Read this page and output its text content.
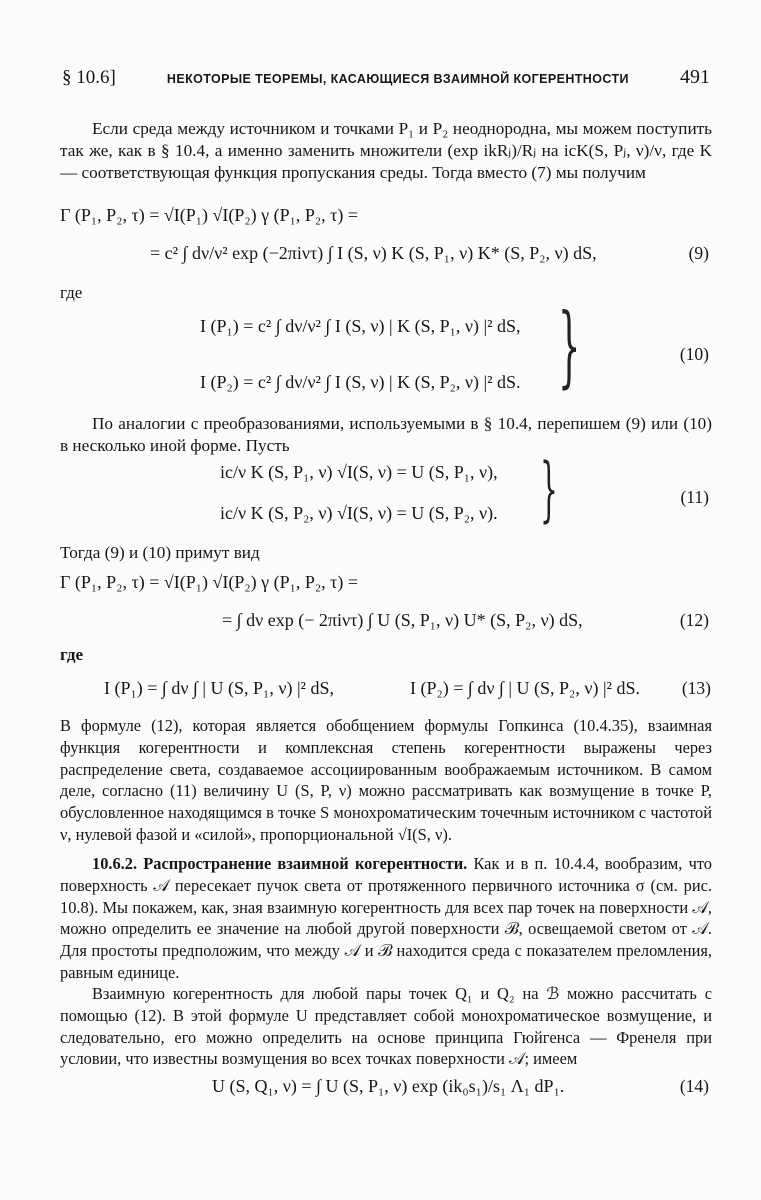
§ 10.6]	НЕКОТОРЫЕ ТЕОРЕМЫ, КАСАЮЩИЕСЯ ВЗАИМНОЙ КОГЕРЕНТНОСТИ	491

Если среда между источником и точками P₁ и P₂ неоднородна, мы можем поступить так же, как в § 10.4, а именно заменить множители (exp ikRⱼ)/Rⱼ на icK(S, Pⱼ, ν)/ν, где K — соответствующая функция пропускания среды. Тогда вместо (7) мы получим

Γ (P₁, P₂, τ) = √I(P₁) √I(P₂) γ (P₁, P₂, τ) =
= c² ∫ dν/ν² exp (−2πiντ) ∫ I (S, ν) K (S, P₁, ν) K* (S, P₂, ν) dS,	(9)
где
I (P₁) = c² ∫ dν/ν² ∫ I (S, ν) | K (S, P₁, ν) |² dS,
I (P₂) = c² ∫ dν/ν² ∫ I (S, ν) | K (S, P₂, ν) |² dS. }	(10)

По аналогии с преобразованиями, используемыми в § 10.4, перепишем (9) или (10) в несколько иной форме. Пусть

ic/ν K (S, P₁, ν) √I(S, ν) = U (S, P₁, ν),
ic/ν K (S, P₂, ν) √I(S, ν) = U (S, P₂, ν). }	(11)

Тогда (9) и (10) примут вид

Γ (P₁, P₂, τ) = √I(P₁) √I(P₂) γ (P₁, P₂, τ) =
= ∫ dν exp (− 2πiντ) ∫ U (S, P₁, ν) U* (S, P₂, ν) dS,	(12)
где
I (P₁) = ∫ dν ∫ | U (S, P₁, ν) |² dS,	I (P₂) = ∫ dν ∫ | U (S, P₂, ν) |² dS. (13)

В формуле (12), которая является обобщением формулы Гопкинса (10.4.35), взаимная функция когерентности и комплексная степень когерентности выражены через распределение света, создаваемое ассоциированным воображаемым источником. В самом деле, согласно (11) величину U (S, P, ν) можно рассматривать как возмущение в точке P, обусловленное находящимся в точке S монохроматическим точечным источником с частотой ν, нулевой фазой и «силой», пропорциональной √I(S, ν).

10.6.2. Распространение взаимной когерентности. Как и в п. 10.4.4, вообразим, что поверхность 𝒜 пересекает пучок света от протяженного первичного источника σ (см. рис. 10.8). Мы покажем, как, зная взаимную когерентность для всех пар точек на поверхности 𝒜, можно определить ее значение на любой другой поверхности ℬ, освещаемой светом от 𝒜. Для простоты предположим, что между 𝒜 и ℬ находится среда с показателем преломления, равным единице.

Взаимную когерентность для любой пары точек Q₁ и Q₂ на ℬ можно рассчитать с помощью (12). В этой формуле U представляет собой монохроматическое возмущение, и следовательно, его можно определить на основе принципа Гюйгенса — Френеля при условии, что известны возмущения во всех точках поверхности 𝒜; имеем

U (S, Q₁, ν) = ∫ U (S, P₁, ν) exp (ik₀s₁)/s₁ Λ₁ dP₁.	(14)
